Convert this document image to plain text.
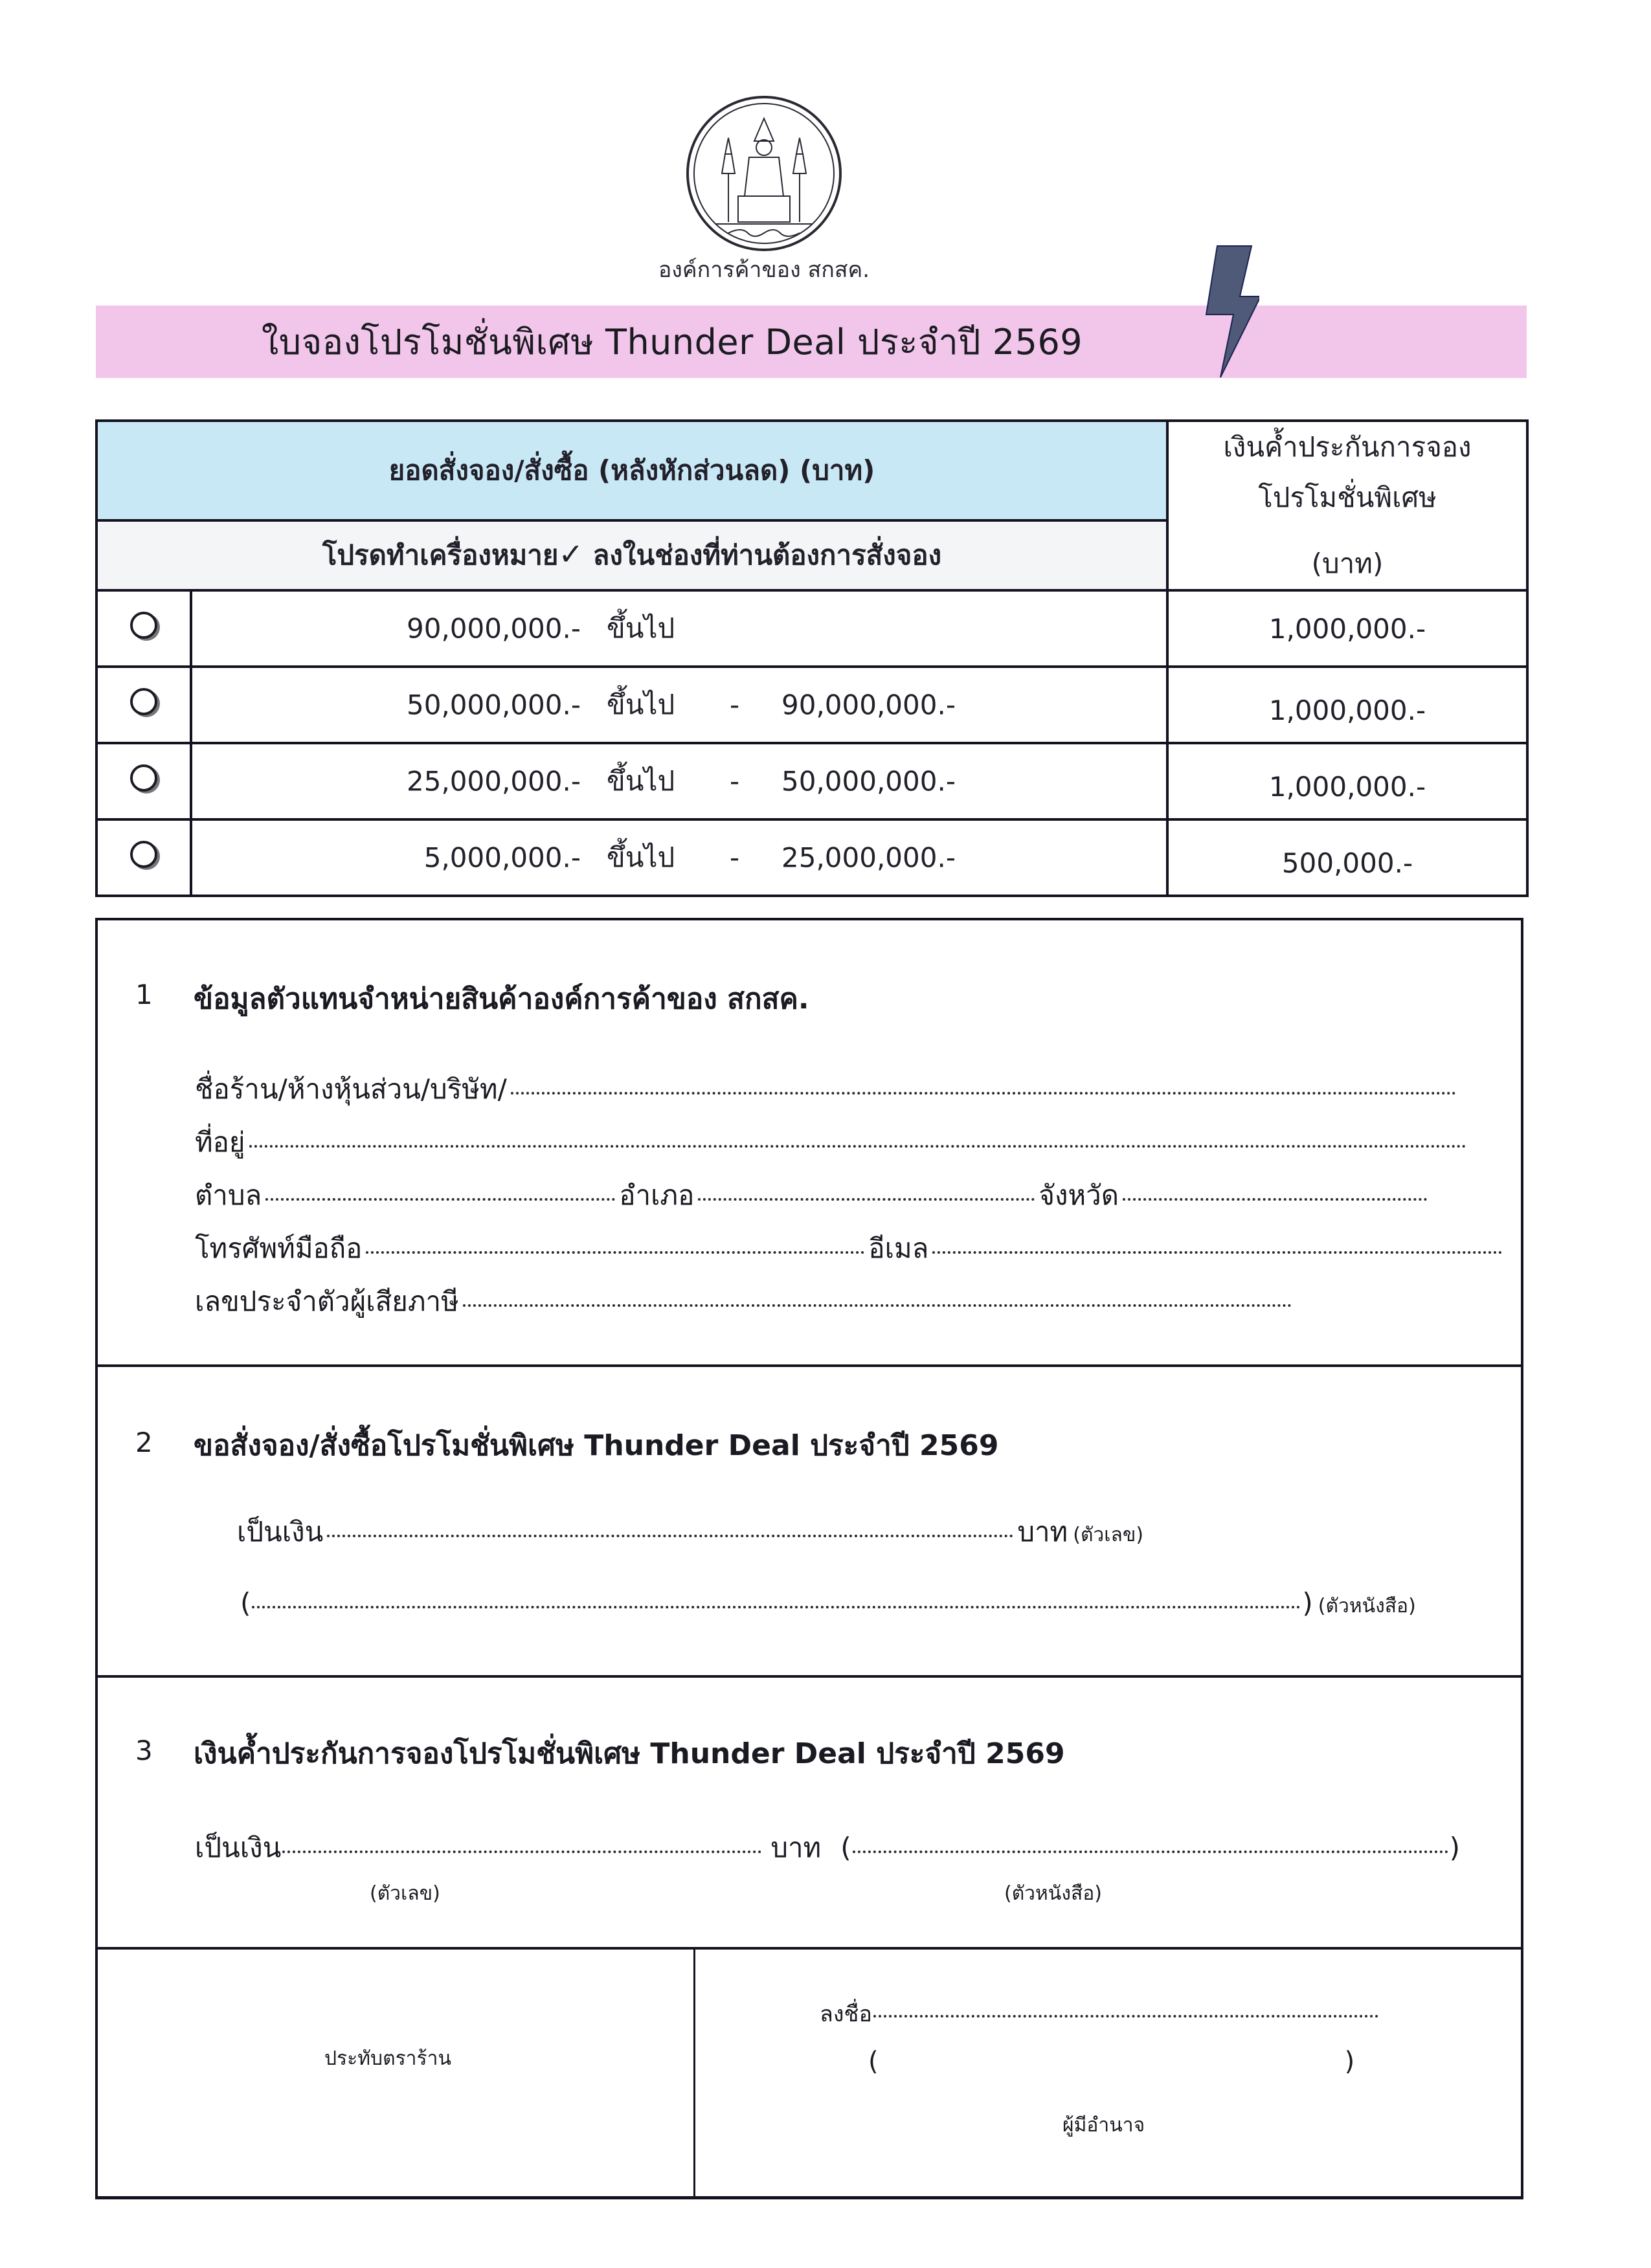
องค์การค้าของ สกสค.
ใบจองโปรโมชั่นพิเศษ Thunder Deal ประจำปี 2569
ยอดสั่งจอง/สั่งซื้อ (หลังหักส่วนลด) (บาท)		เงินค้ำประกันการจอง
โปรโมชั่นพิเศษ
(บาท)

โปรดทำเครื่องหมาย✓ ลงในช่องที่ท่านต้องการสั่งจอง		

	90,000,000.- ขึ้นไป	1,000,000.-

	50,000,000.- ขึ้นไป - 90,000,000.-	1,000,000.-

	25,000,000.- ขึ้นไป - 50,000,000.-	1,000,000.-

	5,000,000.- ขึ้นไป - 25,000,000.-	500,000.-
1 ข้อมูลตัวแทนจำหน่ายสินค้าองค์การค้าของ สกสค.
ชื่อร้าน/ห้างหุ้นส่วน/บริษัท/
ที่อยู่
ตำบล	อำเภอ	จังหวัด
โทรศัพท์มือถือ	อีเมล
เลขประจำตัวผู้เสียภาษี
2 ขอสั่งจอง/สั่งซื้อโปรโมชั่นพิเศษ Thunder Deal ประจำปี 2569
เป็นเงิน	บาท (ตัวเลข)
(	) (ตัวหนังสือ)
3 เงินค้ำประกันการจองโปรโมชั่นพิเศษ Thunder Deal ประจำปี 2569
เป็นเงิน	บาท (	)
(ตัวเลข)	(ตัวหนังสือ)
ประทับตราร้าน
ลงชื่อ
(	)
ผู้มีอำนาจ
